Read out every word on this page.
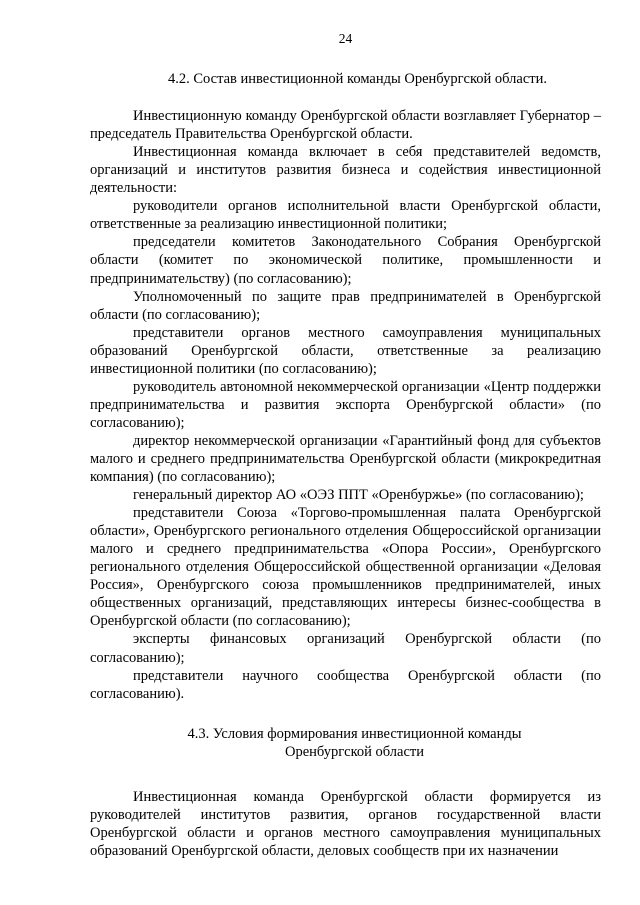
24
4.2. Состав инвестиционной команды Оренбургской области.

Инвестиционную команду Оренбургской области возглавляет Губернатор – председатель Правительства Оренбургской области.

Инвестиционная команда включает в себя представителей ведомств, организаций и институтов развития бизнеса и содействия инвестиционной деятельности:

руководители органов исполнительной власти Оренбургской области, ответственные за реализацию инвестиционной политики;

председатели комитетов Законодательного Собрания Оренбургской области (комитет по экономической политике, промышленности и предпринимательству) (по согласованию);

Уполномоченный по защите прав предпринимателей в Оренбургской области (по согласованию);

представители органов местного самоуправления муниципальных образований Оренбургской области, ответственные за реализацию инвестиционной политики (по согласованию);

руководитель автономной некоммерческой организации «Центр поддержки предпринимательства и развития экспорта Оренбургской области» (по согласованию);

директор некоммерческой организации «Гарантийный фонд для субъектов малого и среднего предпринимательства Оренбургской области (микрокредитная компания) (по согласованию);

генеральный директор АО «ОЭЗ ППТ «Оренбуржье» (по согласованию);

представители Союза «Торгово-промышленная палата Оренбургской области», Оренбургского регионального отделения Общероссийской организации малого и среднего предпринимательства «Опора России», Оренбургского регионального отделения Общероссийской общественной организации «Деловая Россия», Оренбургского союза промышленников предпринимателей, иных общественных организаций, представляющих интересы бизнес-сообщества в Оренбургской области (по согласованию);

эксперты финансовых организаций Оренбургской области (по согласованию);

представители научного сообщества Оренбургской области (по согласованию).

4.3. Условия формирования инвестиционной команды
Оренбургской области

Инвестиционная команда Оренбургской области формируется из руководителей институтов развития, органов государственной власти Оренбургской области и органов местного самоуправления муниципальных образований Оренбургской области, деловых сообществ при их назначении
